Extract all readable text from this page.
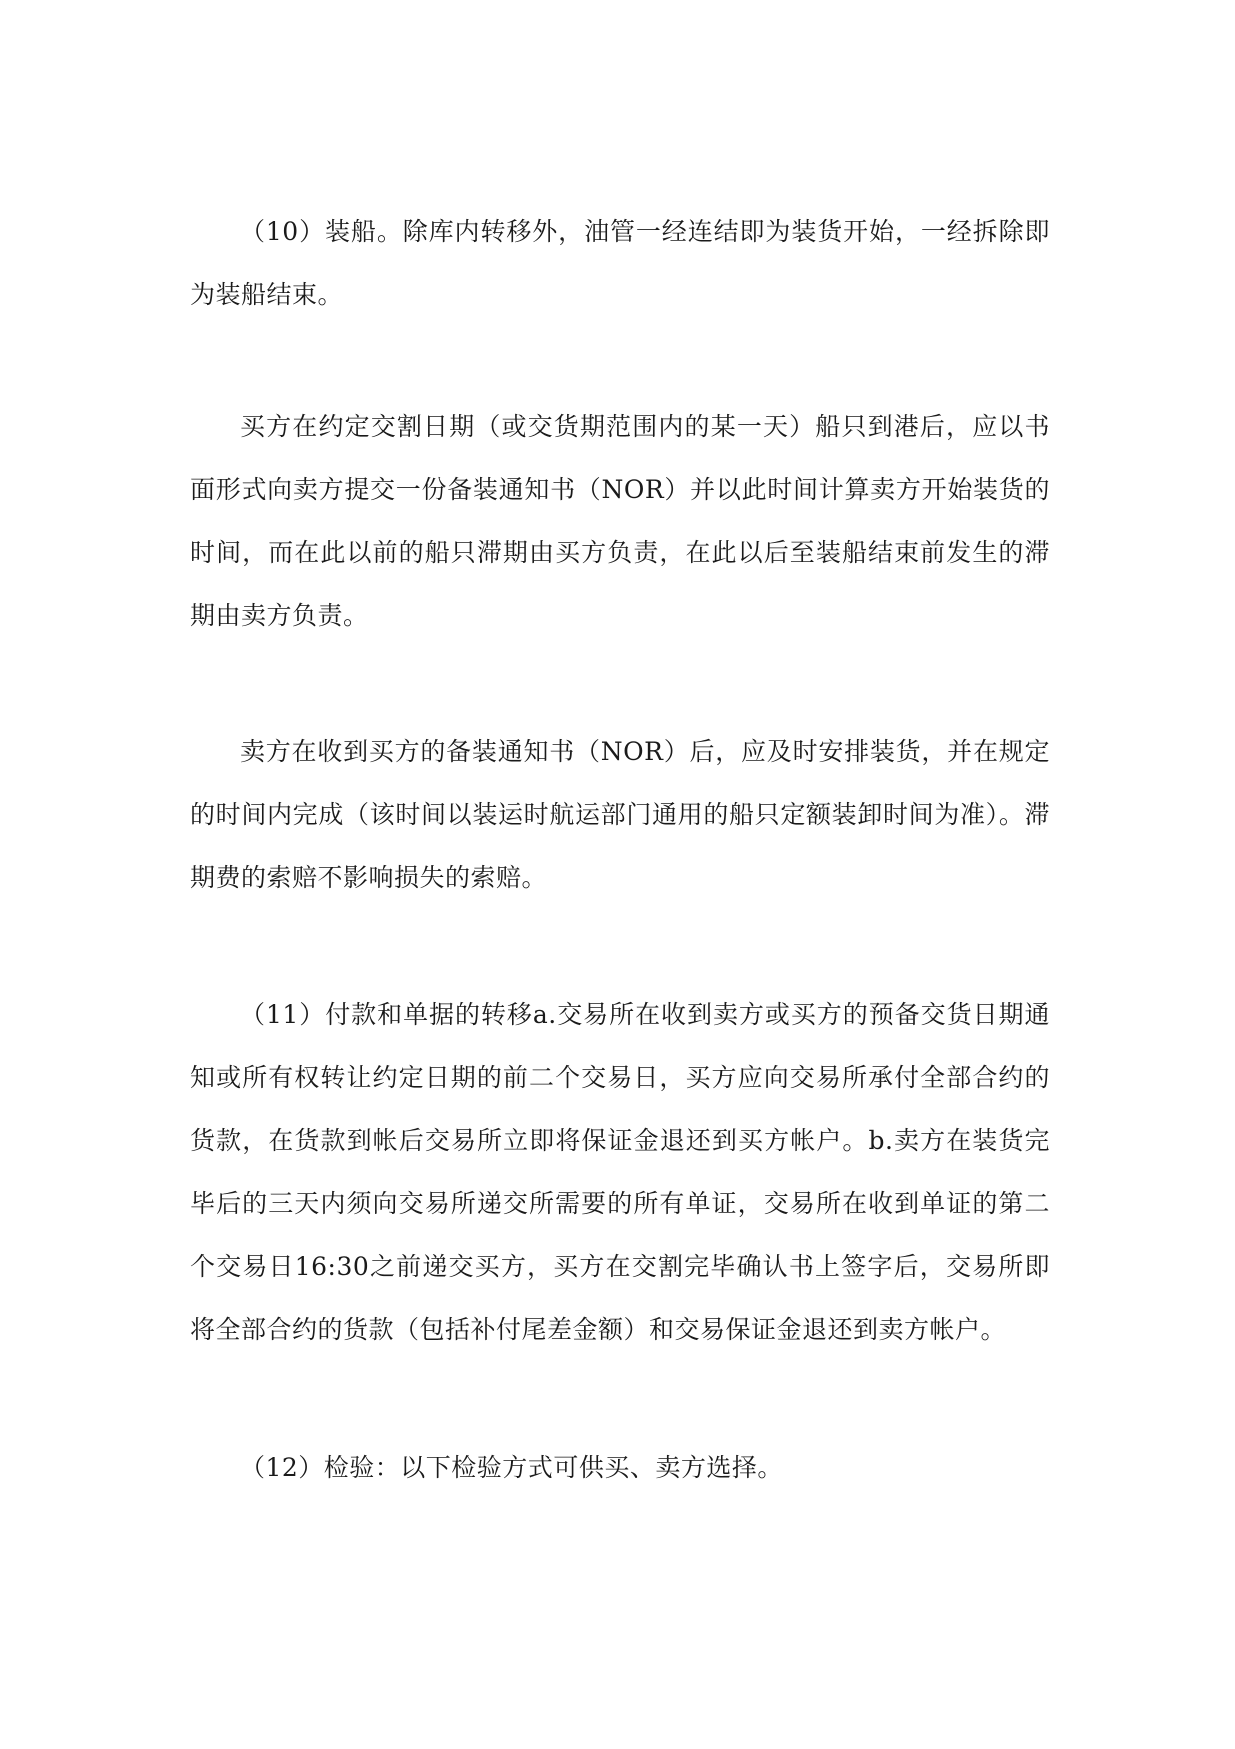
（10）装船。除库内转移外，油管一经连结即为装货开始，一经拆除即为装船结束。

买方在约定交割日期（或交货期范围内的某一天）船只到港后，应以书面形式向卖方提交一份备装通知书（NOR）并以此时间计算卖方开始装货的时间，而在此以前的船只滞期由买方负责，在此以后至装船结束前发生的滞期由卖方负责。

卖方在收到买方的备装通知书（NOR）后，应及时安排装货，并在规定的时间内完成（该时间以装运时航运部门通用的船只定额装卸时间为准）。滞期费的索赔不影响损失的索赔。

（11）付款和单据的转移a.交易所在收到卖方或买方的预备交货日期通知或所有权转让约定日期的前二个交易日，买方应向交易所承付全部合约的货款，在货款到帐后交易所立即将保证金退还到买方帐户。b.卖方在装货完毕后的三天内须向交易所递交所需要的所有单证，交易所在收到单证的第二个交易日16:30之前递交买方，买方在交割完毕确认书上签字后，交易所即将全部合约的货款（包括补付尾差金额）和交易保证金退还到卖方帐户。

（12）检验：以下检验方式可供买、卖方选择。
